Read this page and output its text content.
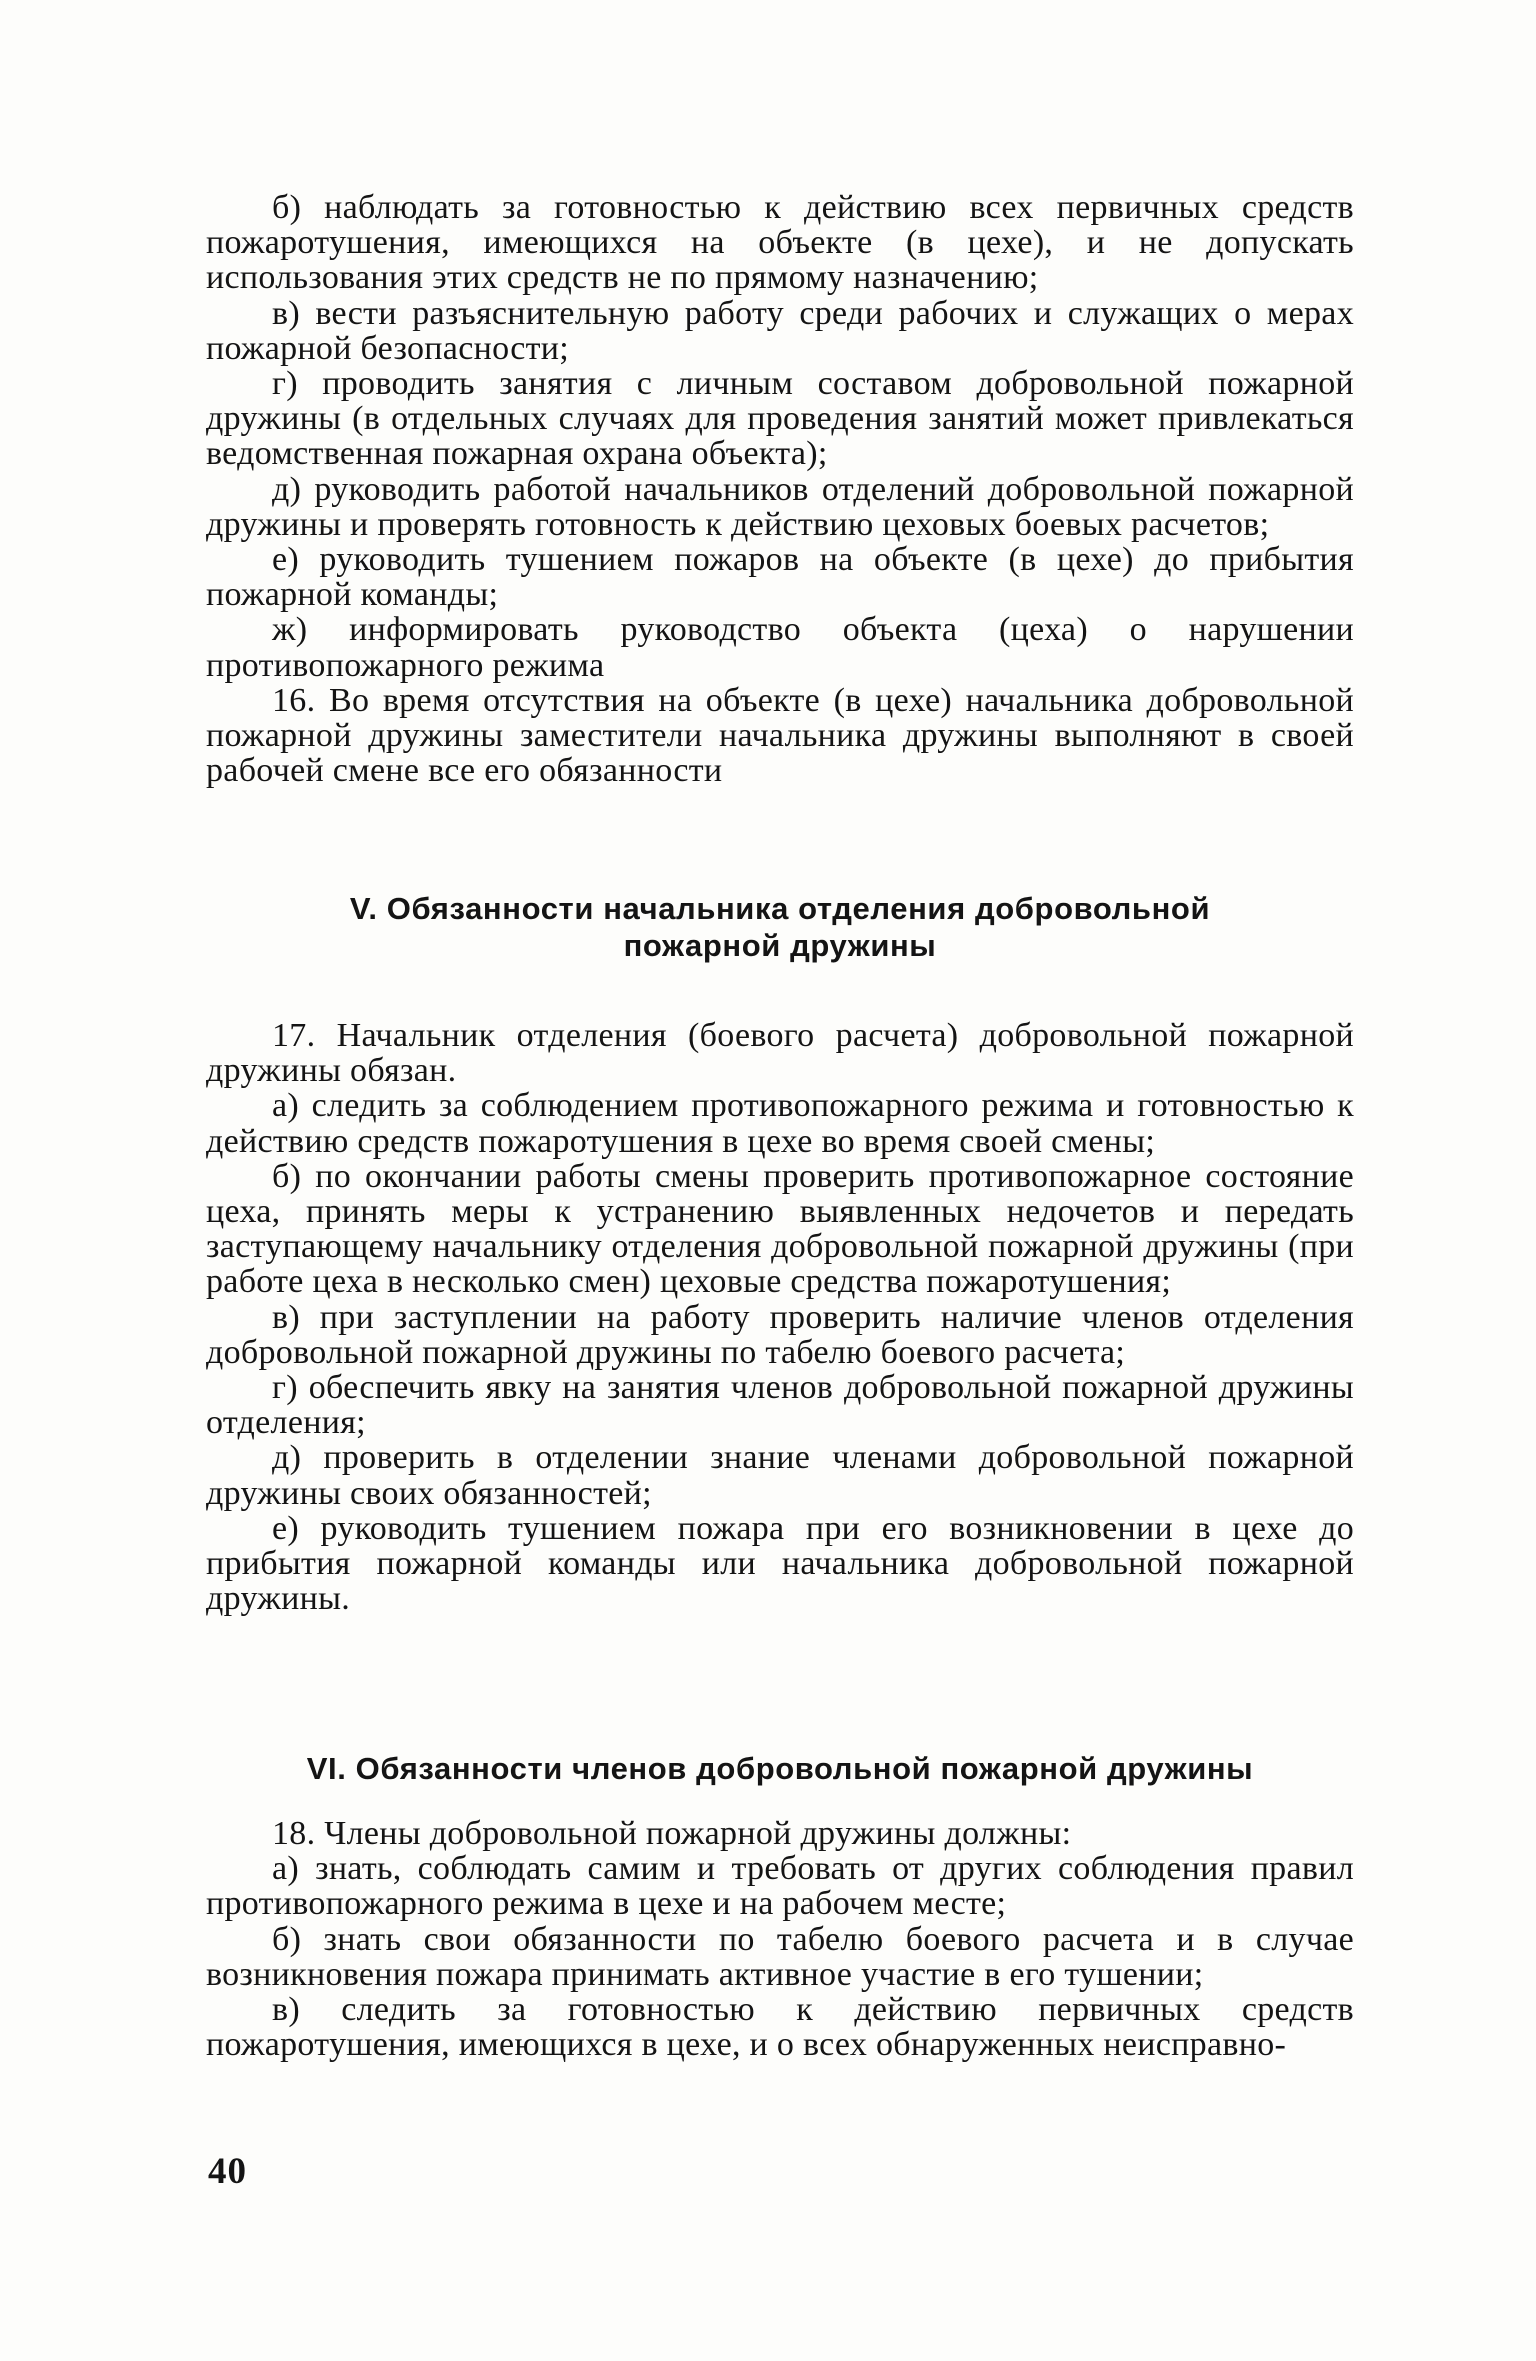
б) наблюдать за готовностью к действию всех первичных средств пожаротушения, имеющихся на объекте (в цехе), и не допускать использования этих средств не по прямому назначению;

в) вести разъяснительную работу среди рабочих и служащих о мерах пожарной безопасности;

г) проводить занятия с личным составом добровольной пожарной дружины (в отдельных случаях для проведения занятий может привлекаться ведомственная пожарная охрана объекта);

д) руководить работой начальников отделений добровольной пожарной дружины и проверять готовность к действию цеховых боевых расчетов;

е) руководить тушением пожаров на объекте (в цехе) до прибытия пожарной команды;

ж) информировать руководство объекта (цеха) о нарушении противопожарного режима

16. Во время отсутствия на объекте (в цехе) начальника добровольной пожарной дружины заместители начальника дружины выполняют в своей рабочей смене все его обязанности

V. Обязанности начальника отделения добровольной
пожарной дружины

17. Начальник отделения (боевого расчета) добровольной пожарной дружины обязан.

а) следить за соблюдением противопожарного режима и готовностью к действию средств пожаротушения в цехе во время своей смены;

б) по окончании работы смены проверить противопожарное состояние цеха, принять меры к устранению выявленных недочетов и передать заступающему начальнику отделения добровольной пожарной дружины (при работе цеха в несколько смен) цеховые средства пожаротушения;

в) при заступлении на работу проверить наличие членов отделения добровольной пожарной дружины по табелю боевого расчета;

г) обеспечить явку на занятия членов добровольной пожарной дружины отделения;

д) проверить в отделении знание членами добровольной пожарной дружины своих обязанностей;

е) руководить тушением пожара при его возникновении в цехе до прибытия пожарной команды или начальника добровольной пожарной дружины.

VI. Обязанности членов добровольной пожарной дружины

18. Члены добровольной пожарной дружины должны:

а) знать, соблюдать самим и требовать от других соблюдения правил противопожарного режима в цехе и на рабочем месте;

б) знать свои обязанности по табелю боевого расчета и в случае возникновения пожара принимать активное участие в его тушении;

в) следить за готовностью к действию первичных средств пожаротушения, имеющихся в цехе, и о всех обнаруженных неисправно-

40
